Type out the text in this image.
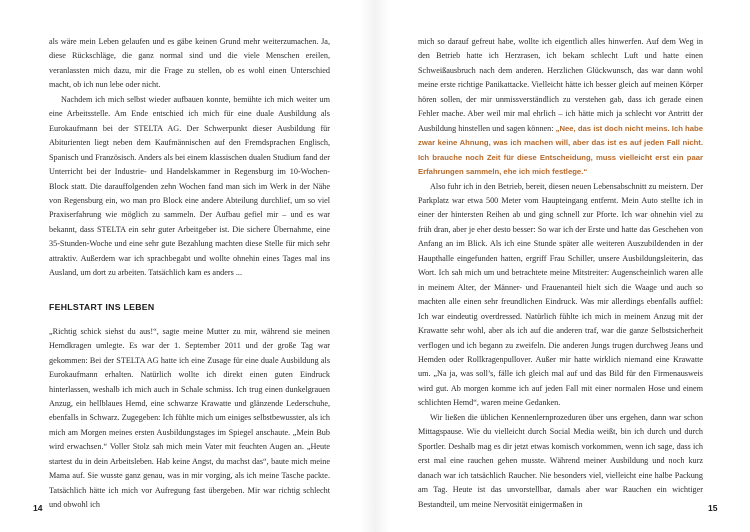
als wäre mein Leben gelaufen und es gäbe keinen Grund mehr weiterzumachen. Ja, diese Rückschläge, die ganz normal sind und die viele Menschen ereilen, veranlassten mich dazu, mir die Frage zu stellen, ob es wohl einen Unterschied macht, ob ich nun lebe oder nicht.

Nachdem ich mich selbst wieder aufbauen konnte, bemühte ich mich weiter um eine Arbeitsstelle. Am Ende entschied ich mich für eine duale Ausbildung als Eurokaufmann bei der STELTA AG. Der Schwerpunkt dieser Ausbildung für Abiturienten liegt neben dem Kaufmännischen auf den Fremdsprachen Englisch, Spanisch und Französisch. Anders als bei einem klassischen dualen Studium fand der Unterricht bei der Industrie- und Handelskammer in Regensburg im 10-Wochen-Block statt. Die darauffolgenden zehn Wochen fand man sich im Werk in der Nähe von Regensburg ein, wo man pro Block eine andere Abteilung durchlief, um so viel Praxiserfahrung wie möglich zu sammeln. Der Aufbau gefiel mir – und es war bekannt, dass STELTA ein sehr guter Arbeitgeber ist. Die sichere Übernahme, eine 35-Stunden-Woche und eine sehr gute Bezahlung machten diese Stelle für mich sehr attraktiv. Außerdem war ich sprachbegabt und wollte ohnehin eines Tages mal ins Ausland, um dort zu arbeiten. Tatsächlich kam es anders ...

FEHLSTART INS LEBEN

„Richtig schick siehst du aus!“, sagte meine Mutter zu mir, während sie meinen Hemdkragen umlegte. Es war der 1. September 2011 und der große Tag war gekommen: Bei der STELTA AG hatte ich eine Zusage für eine duale Ausbildung als Eurokaufmann erhalten. Natürlich wollte ich direkt einen guten Eindruck hinterlassen, weshalb ich mich auch in Schale schmiss. Ich trug einen dunkelgrauen Anzug, ein hellblaues Hemd, eine schwarze Krawatte und glänzende Lederschuhe, ebenfalls in Schwarz. Zugegeben: Ich fühlte mich um einiges selbstbewusster, als ich mich am Morgen meines ersten Ausbildungstages im Spiegel anschaute. „Mein Bub wird erwachsen.“ Voller Stolz sah mich mein Vater mit feuchten Augen an. „Heute startest du in dein Arbeitsleben. Hab keine Angst, du machst das“, baute mich meine Mama auf. Sie wusste ganz genau, was in mir vorging, als ich meine Tasche packte. Tatsächlich hätte ich mich vor Aufregung fast übergeben. Mir war richtig schlecht und obwohl ich

14

mich so darauf gefreut habe, wollte ich eigentlich alles hinwerfen. Auf dem Weg in den Betrieb hatte ich Herzrasen, ich bekam schlecht Luft und hatte einen Schweißausbruch nach dem anderen. Herzlichen Glückwunsch, das war dann wohl meine erste richtige Panikattacke. Vielleicht hätte ich besser gleich auf meinen Körper hören sollen, der mir unmissverständlich zu verstehen gab, dass ich gerade einen Fehler mache. Aber weil mir mal ehrlich – ich hätte mich ja schlecht vor Antritt der Ausbildung hinstellen und sagen können: „Nee, das ist doch nicht meins. Ich habe zwar keine Ahnung, was ich machen will, aber das ist es auf jeden Fall nicht. Ich brauche noch Zeit für diese Entscheidung, muss vielleicht erst ein paar Erfahrungen sammeln, ehe ich mich festlege.“

Also fuhr ich in den Betrieb, bereit, diesen neuen Lebensabschnitt zu meistern. Der Parkplatz war etwa 500 Meter vom Haupteingang entfernt. Mein Auto stellte ich in einer der hintersten Reihen ab und ging schnell zur Pforte. Ich war ohnehin viel zu früh dran, aber je eher desto besser: So war ich der Erste und hatte das Geschehen von Anfang an im Blick. Als ich eine Stunde später alle weiteren Auszubildenden in der Haupthalle eingefunden hatten, ergriff Frau Schiller, unsere Ausbildungsleiterin, das Wort. Ich sah mich um und betrachtete meine Mitstreiter: Augenscheinlich waren alle in meinem Alter, der Männer- und Frauenanteil hielt sich die Waage und auch so machten alle einen sehr freundlichen Eindruck. Was mir allerdings ebenfalls auffiel: Ich war eindeutig overdressed. Natürlich fühlte ich mich in meinem Anzug mit der Krawatte sehr wohl, aber als ich auf die anderen traf, war die ganze Selbstsicherheit verflogen und ich begann zu zweifeln. Die anderen Jungs trugen durchweg Jeans und Hemden oder Rollkragenpullover. Außer mir hatte wirklich niemand eine Krawatte um. „Na ja, was soll’s, fälle ich gleich mal auf und das Bild für den Firmenausweis wird gut. Ab morgen komme ich auf jeden Fall mit einer normalen Hose und einem schlichten Hemd“, waren meine Gedanken.

Wir ließen die üblichen Kennenlernprozeduren über uns ergehen, dann war schon Mittagspause. Wie du vielleicht durch Social Media weißt, bin ich durch und durch Sportler. Deshalb mag es dir jetzt etwas komisch vorkommen, wenn ich sage, dass ich erst mal eine rauchen gehen musste. Während meiner Ausbildung und noch kurz danach war ich tatsächlich Raucher. Nie besonders viel, vielleicht eine halbe Packung am Tag. Heute ist das unvorstellbar, damals aber war Rauchen ein wichtiger Bestandteil, um meine Nervosität einigermaßen in	15
